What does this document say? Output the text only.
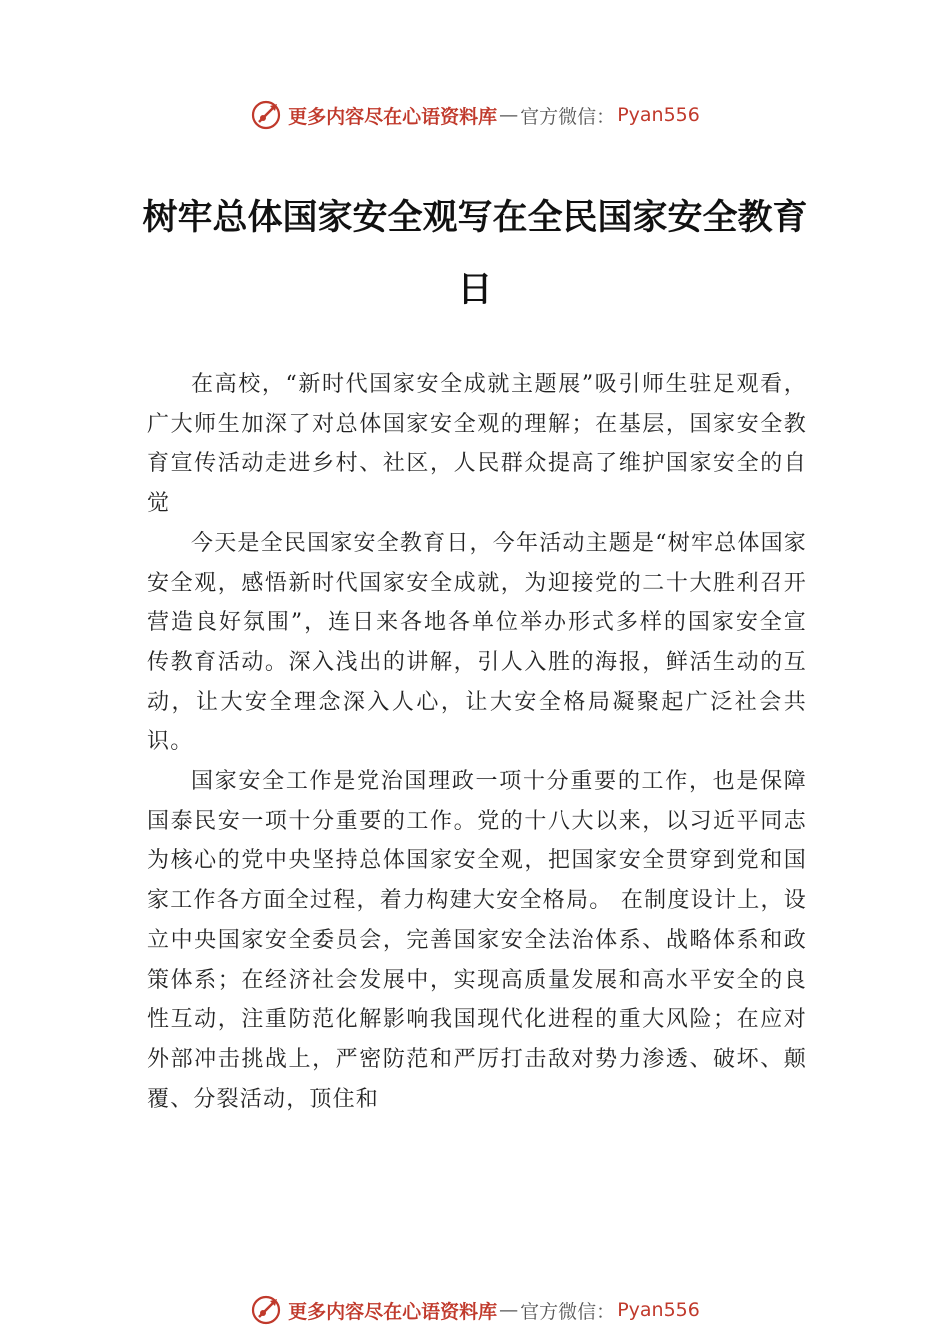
更多内容尽在心语资料库 — 官方微信： Pyan556
树牢总体国家安全观写在全民国家安全教育日

在高校，“新时代国家安全成就主题展”吸引师生驻足观看，广大师生加深了对总体国家安全观的理解；在基层，国家安全教育宣传活动走进乡村、社区，人民群众提高了维护国家安全的自觉

今天是全民国家安全教育日，今年活动主题是“树牢总体国家安全观，感悟新时代国家安全成就，为迎接党的二十大胜利召开营造良好氛围”，连日来各地各单位举办形式多样的国家安全宣传教育活动。深入浅出的讲解，引人入胜的海报，鲜活生动的互动，让大安全理念深入人心，让大安全格局凝聚起广泛社会共识。

国家安全工作是党治国理政一项十分重要的工作，也是保障国泰民安一项十分重要的工作。党的十八大以来，以习近平同志为核心的党中央坚持总体国家安全观，把国家安全贯穿到党和国家工作各方面全过程，着力构建大安全格局。 在制度设计上，设立中央国家安全委员会，完善国家安全法治体系、战略体系和政策体系；在经济社会发展中，实现高质量发展和高水平安全的良性互动，注重防范化解影响我国现代化进程的重大风险；在应对外部冲击挑战上，严密防范和严厉打击敌对势力渗透、破坏、颠覆、分裂活动，顶住和

更多内容尽在心语资料库 — 官方微信： Pyan556
